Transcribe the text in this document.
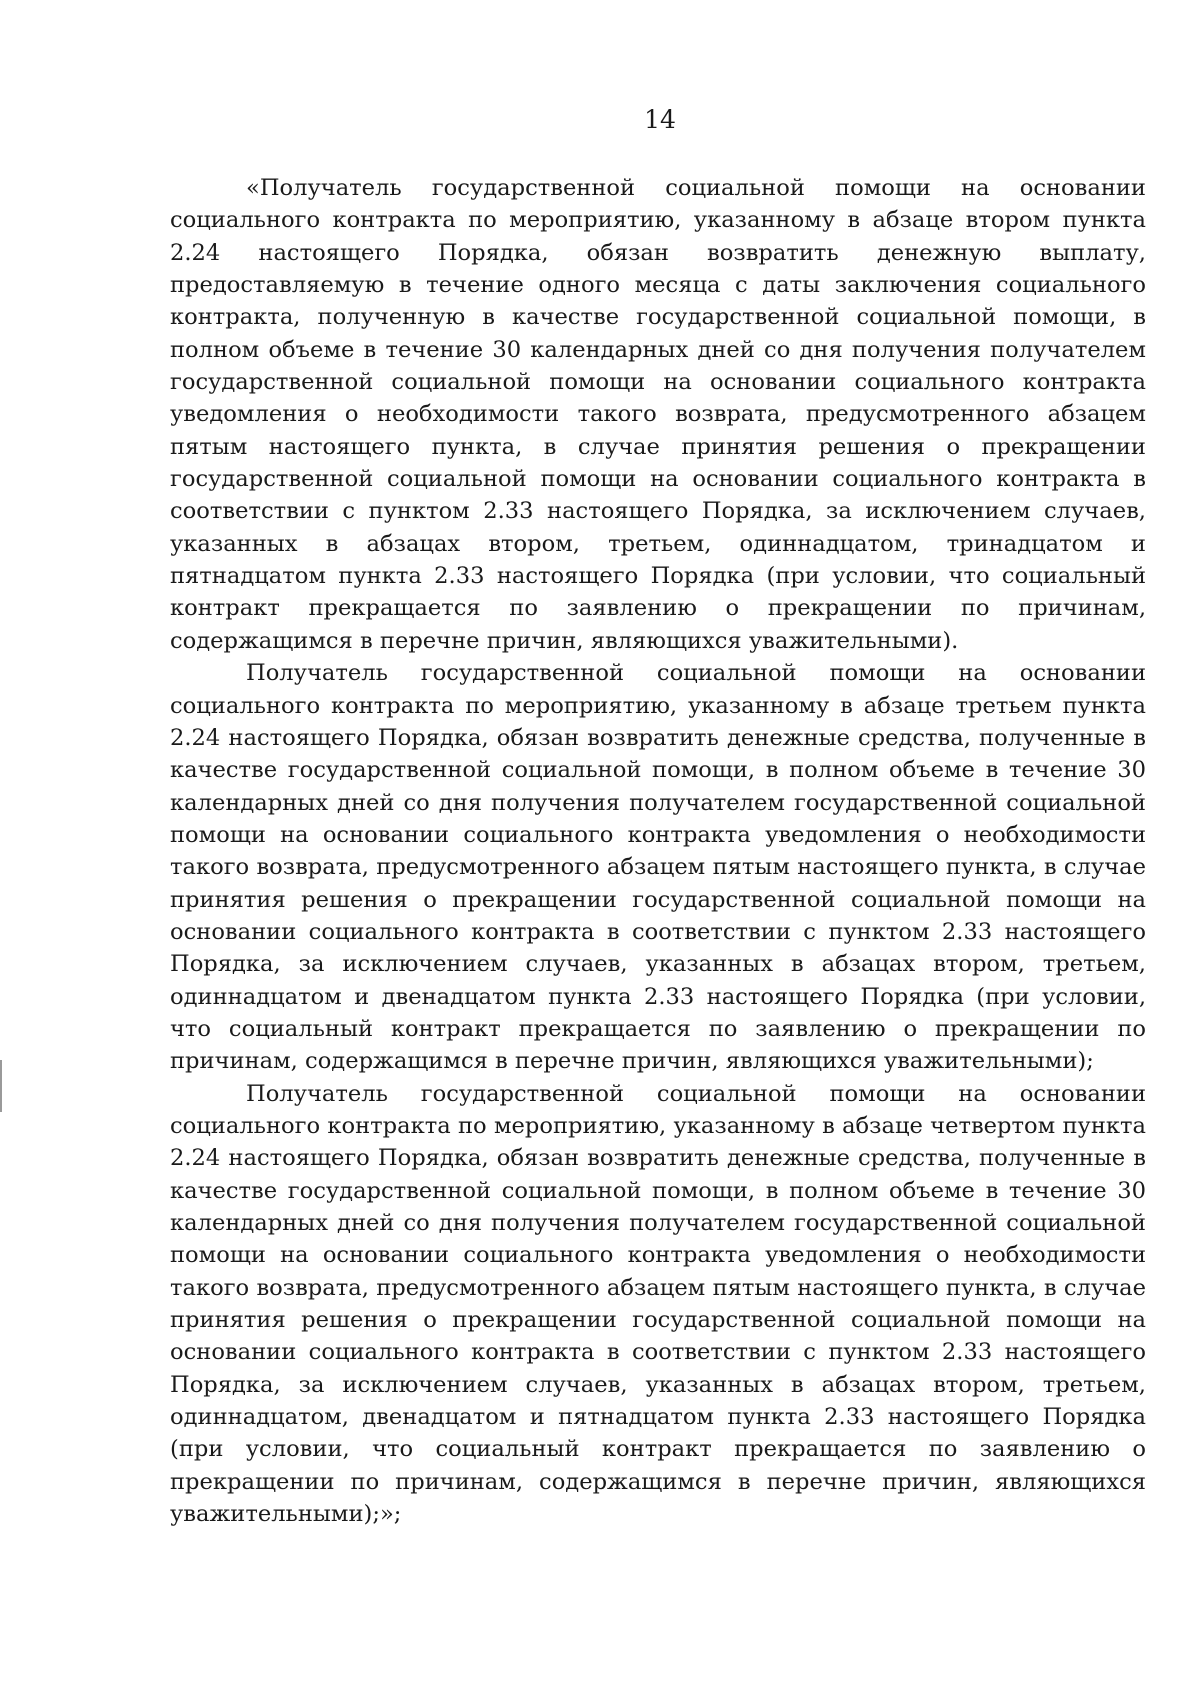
14

«Получатель государственной социальной помощи на основании социального контракта по мероприятию, указанному в абзаце втором пункта 2.24 настоящего Порядка, обязан возвратить денежную выплату, предоставляемую в течение одного месяца с даты заключения социального контракта, полученную в качестве государственной социальной помощи, в полном объеме в течение 30 календарных дней со дня получения получателем государственной социальной помощи на основании социального контракта уведомления о необходимости такого возврата, предусмотренного абзацем пятым настоящего пункта, в случае принятия решения о прекращении государственной социальной помощи на основании социального контракта в соответствии с пунктом 2.33 настоящего Порядка, за исключением случаев, указанных в абзацах втором, третьем, одиннадцатом, тринадцатом и пятнадцатом пункта 2.33 настоящего Порядка (при условии, что социальный контракт прекращается по заявлению о прекращении по причинам, содержащимся в перечне причин, являющихся уважительными).

Получатель государственной социальной помощи на основании социального контракта по мероприятию, указанному в абзаце третьем пункта 2.24 настоящего Порядка, обязан возвратить денежные средства, полученные в качестве государственной социальной помощи, в полном объеме в течение 30 календарных дней со дня получения получателем государственной социальной помощи на основании социального контракта уведомления о необходимости такого возврата, предусмотренного абзацем пятым настоящего пункта, в случае принятия решения о прекращении государственной социальной помощи на основании социального контракта в соответствии с пунктом 2.33 настоящего Порядка, за исключением случаев, указанных в абзацах втором, третьем, одиннадцатом и двенадцатом пункта 2.33 настоящего Порядка (при условии, что социальный контракт прекращается по заявлению о прекращении по причинам, содержащимся в перечне причин, являющихся уважительными);

Получатель государственной социальной помощи на основании социального контракта по мероприятию, указанному в абзаце четвертом пункта 2.24 настоящего Порядка, обязан возвратить денежные средства, полученные в качестве государственной социальной помощи, в полном объеме в течение 30 календарных дней со дня получения получателем государственной социальной помощи на основании социального контракта уведомления о необходимости такого возврата, предусмотренного абзацем пятым настоящего пункта, в случае принятия решения о прекращении государственной социальной помощи на основании социального контракта в соответствии с пунктом 2.33 настоящего Порядка, за исключением случаев, указанных в абзацах втором, третьем, одиннадцатом, двенадцатом и пятнадцатом пункта 2.33 настоящего Порядка (при условии, что социальный контракт прекращается по заявлению о прекращении по причинам, содержащимся в перечне причин, являющихся уважительными);»;
